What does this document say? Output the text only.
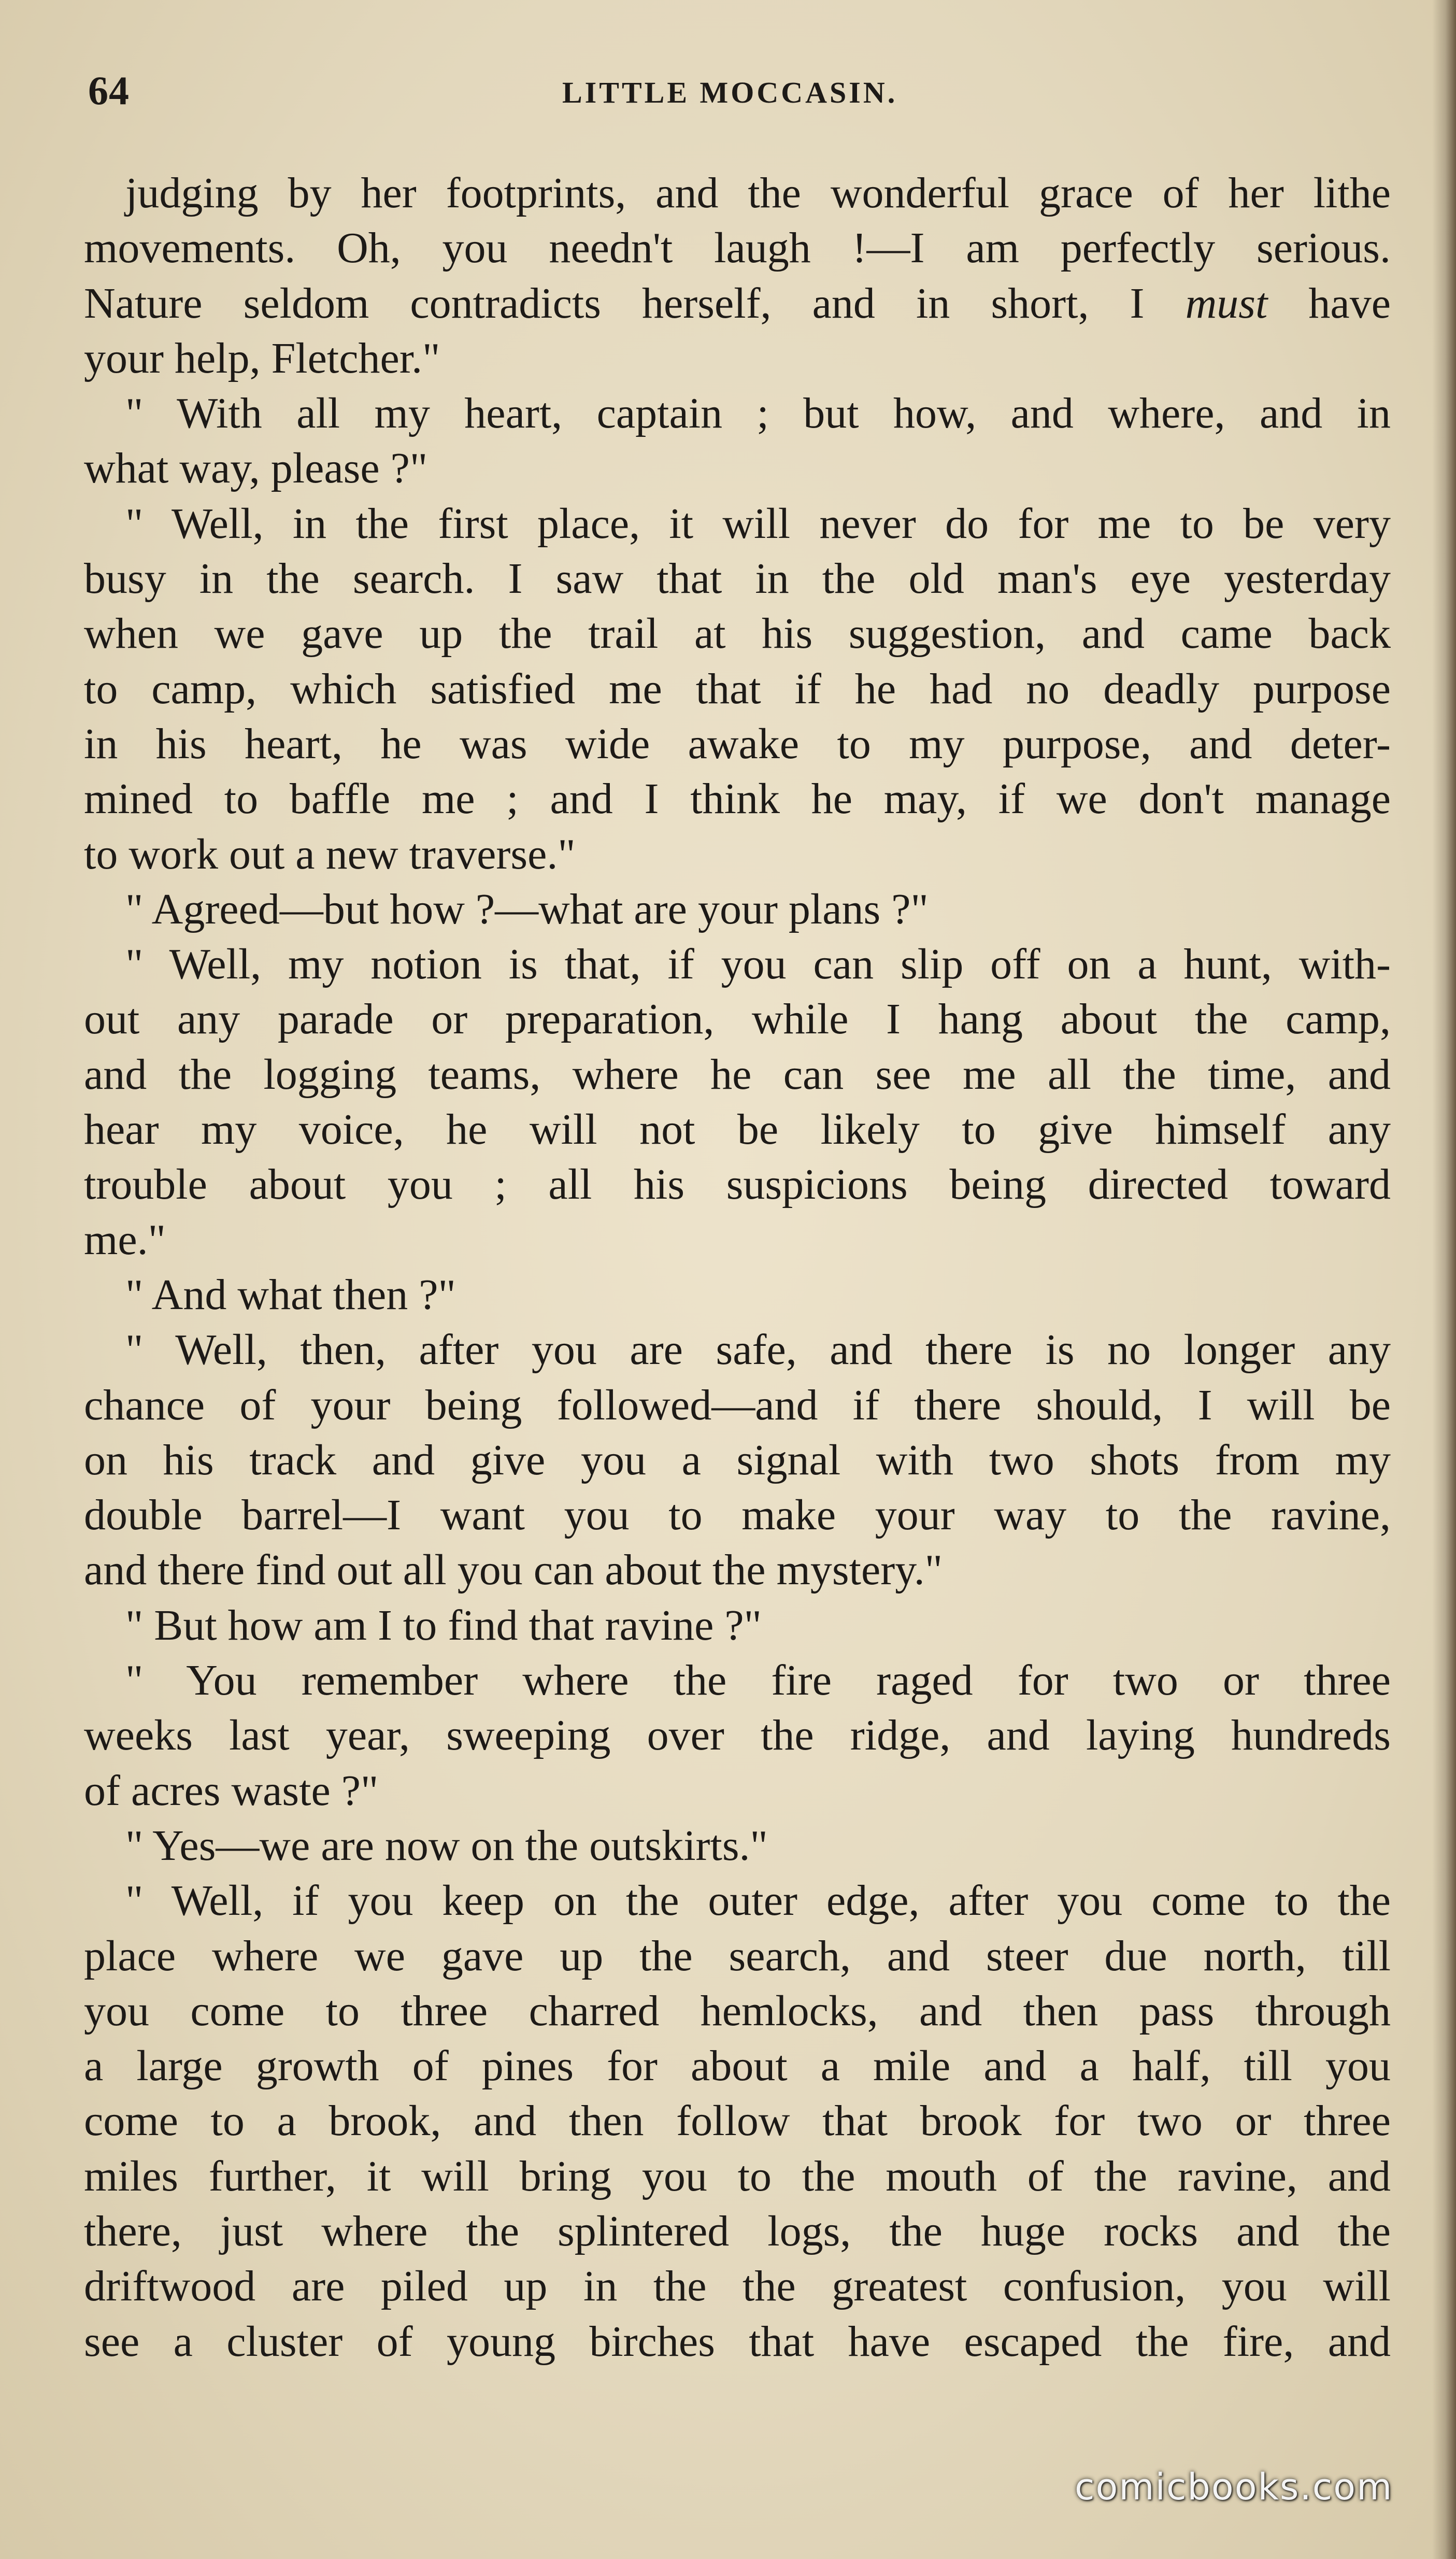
64	LITTLE MOCCASIN.
judging by her footprints, and the wonderful grace of her lithe
movements. Oh, you needn't laugh !—I am perfectly serious.
Nature seldom contradicts herself, and in short, I must have
your help, Fletcher."
" With all my heart, captain ; but how, and where, and in
what way, please ?"
" Well, in the first place, it will never do for me to be very
busy in the search. I saw that in the old man's eye yesterday
when we gave up the trail at his suggestion, and came back
to camp, which satisfied me that if he had no deadly purpose
in his heart, he was wide awake to my purpose, and deter-
mined to baffle me ; and I think he may, if we don't manage
to work out a new traverse."
" Agreed—but how ?—what are your plans ?"
" Well, my notion is that, if you can slip off on a hunt, with-
out any parade or preparation, while I hang about the camp,
and the logging teams, where he can see me all the time, and
hear my voice, he will not be likely to give himself any
trouble about you ; all his suspicions being directed toward
me."
" And what then ?"
" Well, then, after you are safe, and there is no longer any
chance of your being followed—and if there should, I will be
on his track and give you a signal with two shots from my
double barrel—I want you to make your way to the ravine,
and there find out all you can about the mystery."
" But how am I to find that ravine ?"
" You remember where the fire raged for two or three
weeks last year, sweeping over the ridge, and laying hundreds
of acres waste ?"
" Yes—we are now on the outskirts."
" Well, if you keep on the outer edge, after you come to the
place where we gave up the search, and steer due north, till
you come to three charred hemlocks, and then pass through
a large growth of pines for about a mile and a half, till you
come to a brook, and then follow that brook for two or three
miles further, it will bring you to the mouth of the ravine, and
there, just where the splintered logs, the huge rocks and the
driftwood are piled up in the the greatest confusion, you will
see a cluster of young birches that have escaped the fire, and
comicbooks.com
